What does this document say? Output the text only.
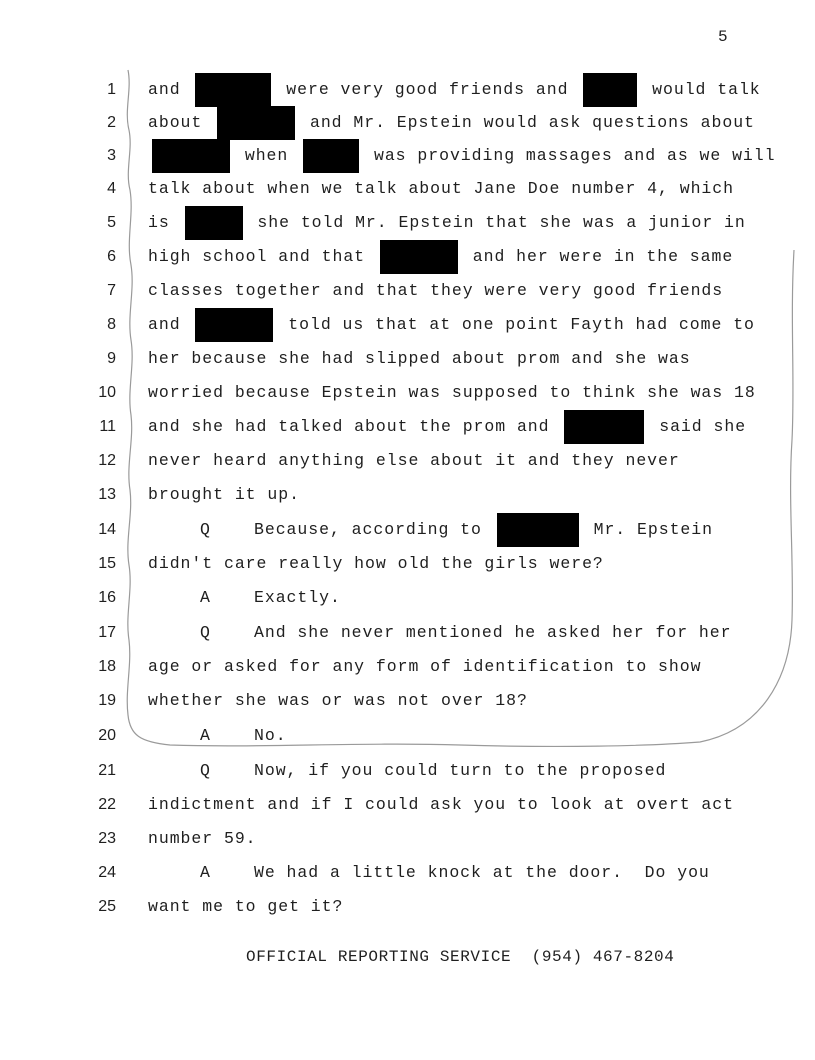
5
1 and	were very good friends and	would talk
2 about	and Mr. Epstein would ask questions about
3	when	was providing massages and as we will
4 talk about when we talk about Jane Doe number 4, which
5 is	she told Mr. Epstein that she was a junior in
6 high school and that	and her were in the same
7 classes together and that they were very good friends
8 and	told us that at one point Fayth had come to
9 her because she had slipped about prom and she was
10 worried because Epstein was supposed to think she was 18
11 and she had talked about the prom and	said she
12 never heard anything else about it and they never
13 brought it up.
14	Q	Because, according to	Mr. Epstein
15 didn't care really how old the girls were?
16	A	Exactly.
17	Q	And she never mentioned he asked her for her
18 age or asked for any form of identification to show
19 whether she was or was not over 18?
20	A	No.
21	Q	Now, if you could turn to the proposed
22 indictment and if I could ask you to look at overt act
23 number 59.
24	A	We had a little knock at the door.  Do you
25 want me to get it?
OFFICIAL REPORTING SERVICE  (954) 467-8204
